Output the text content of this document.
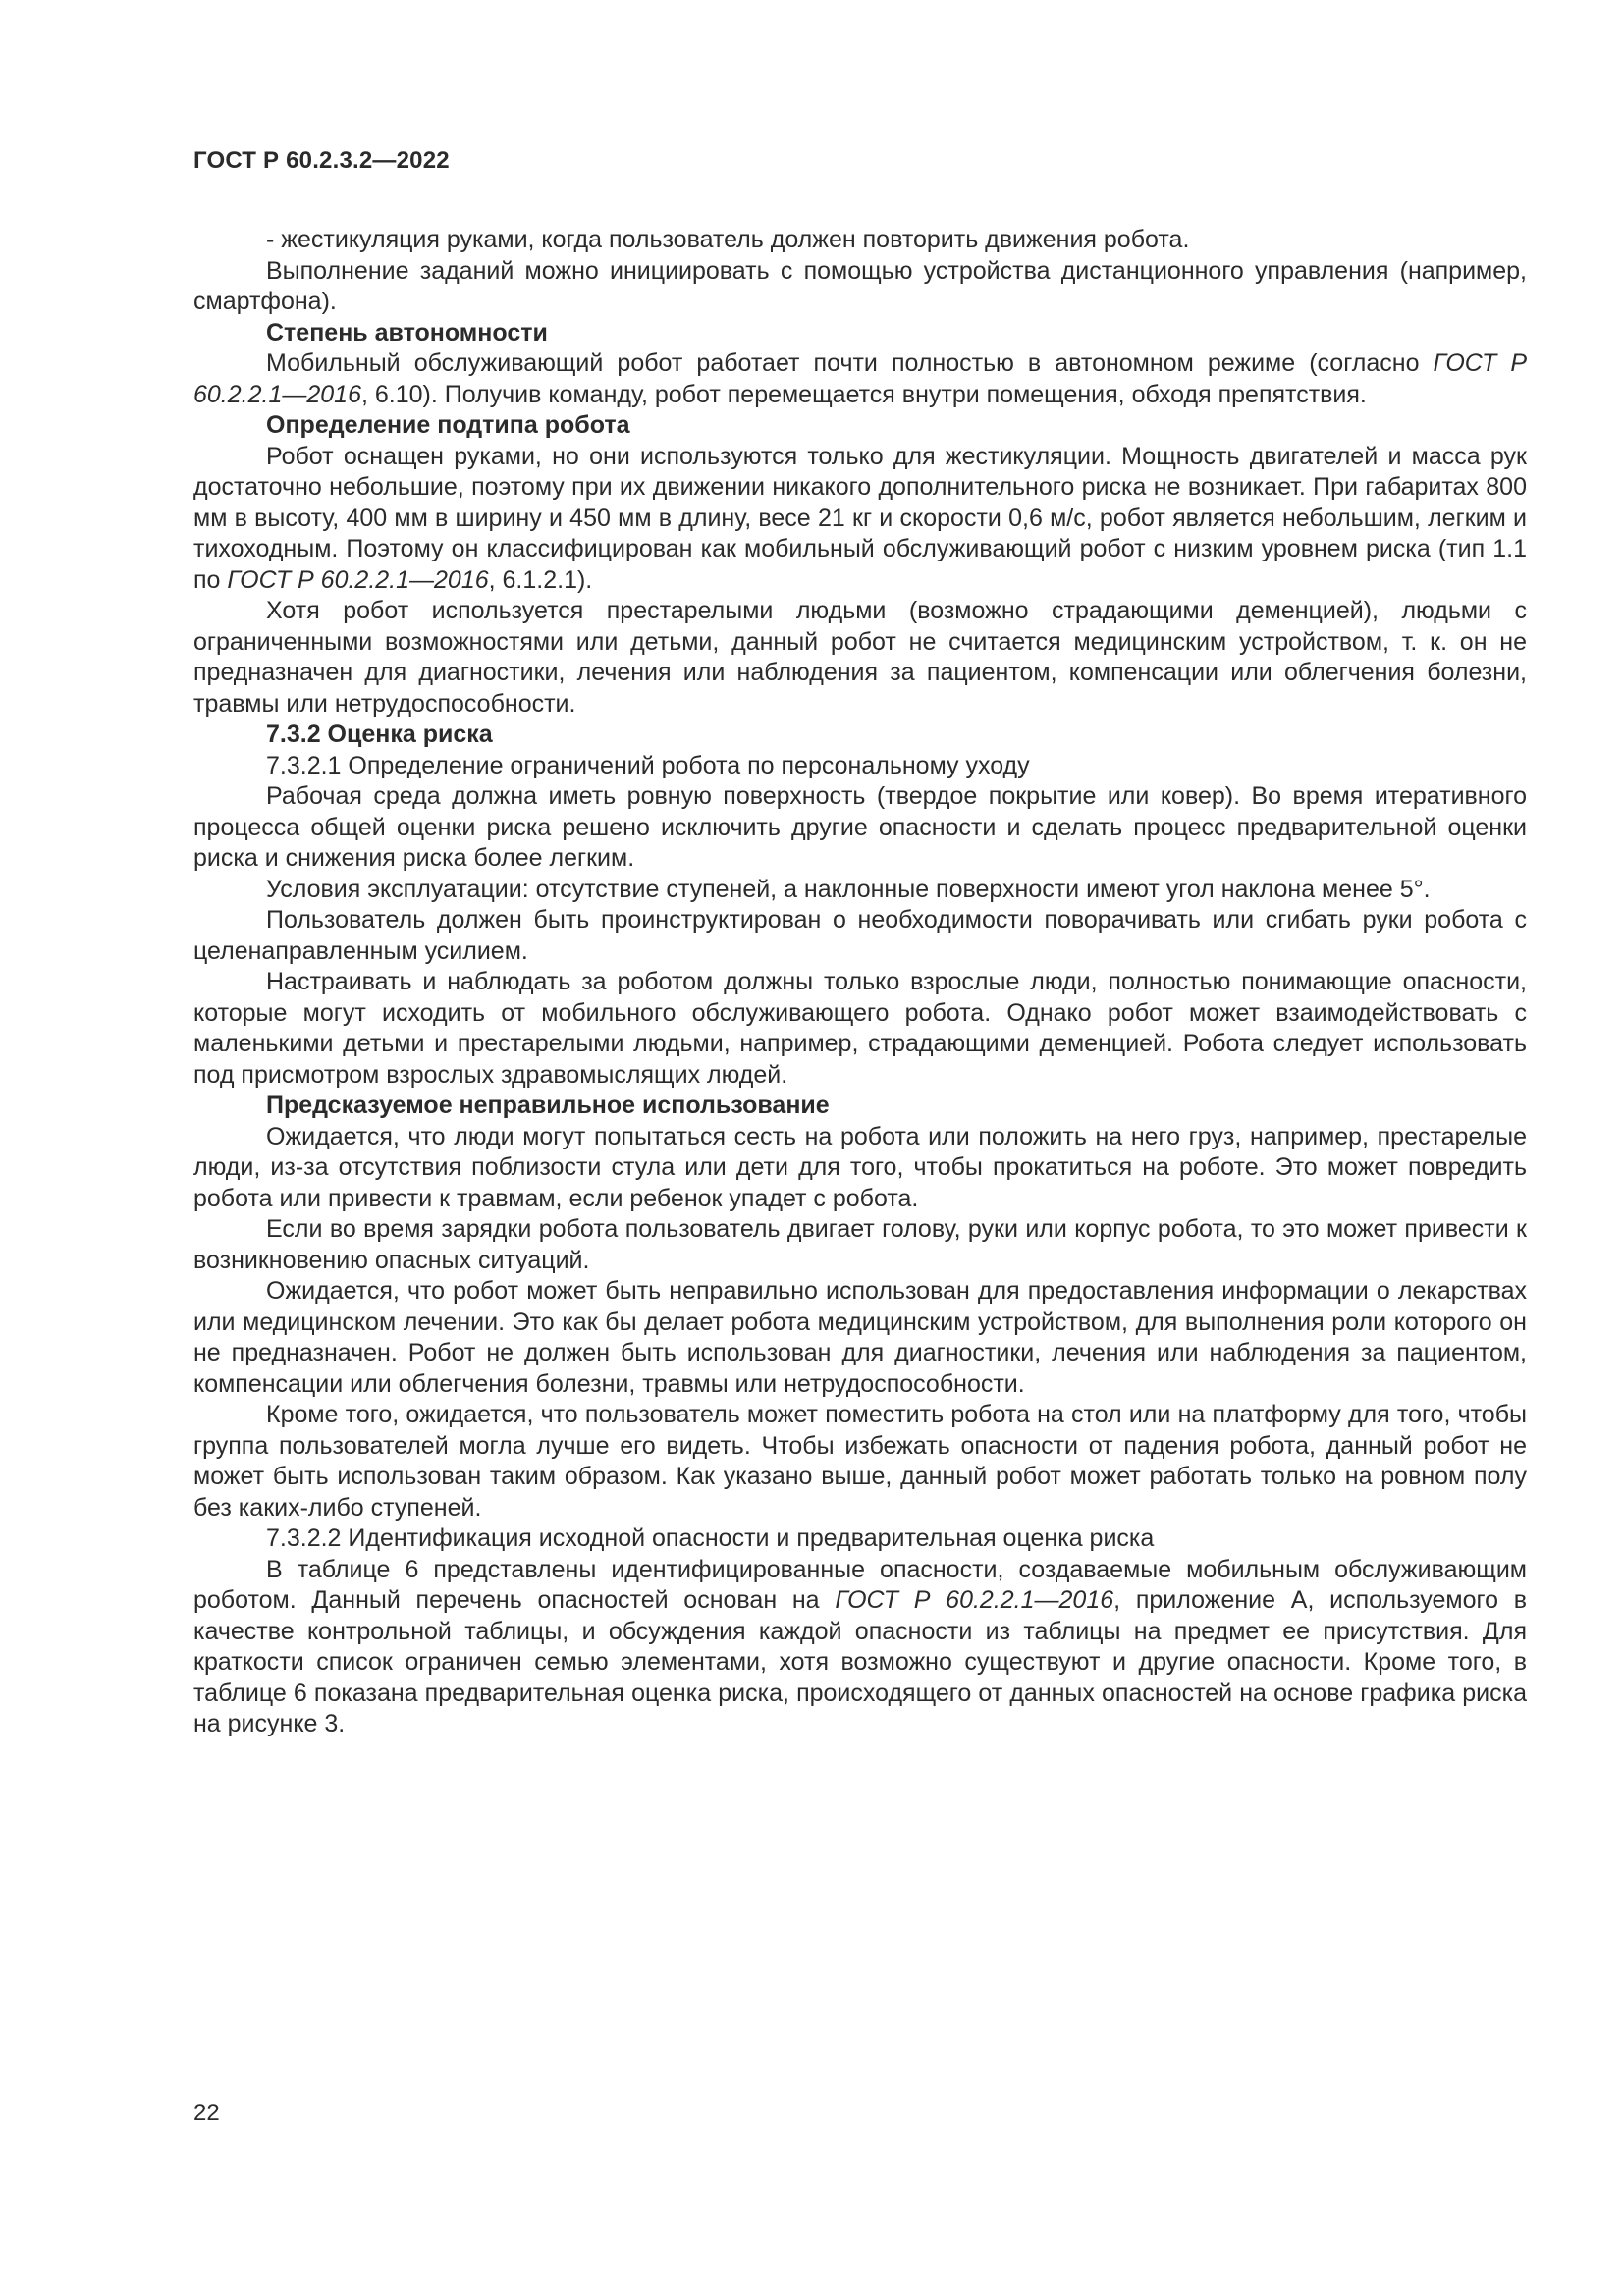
ГОСТ Р 60.2.3.2—2022

- жестикуляция руками, когда пользователь должен повторить движения робота.

Выполнение заданий можно инициировать с помощью устройства дистанционного управления (например, смартфона).

Степень автономности

Мобильный обслуживающий робот работает почти полностью в автономном режиме (согласно ГОСТ Р 60.2.2.1—2016, 6.10). Получив команду, робот перемещается внутри помещения, обходя препятствия.

Определение подтипа робота

Робот оснащен руками, но они используются только для жестикуляции. Мощность двигателей и масса рук достаточно небольшие, поэтому при их движении никакого дополнительного риска не возникает. При габаритах 800 мм в высоту, 400 мм в ширину и 450 мм в длину, весе 21 кг и скорости 0,6 м/с, робот является небольшим, легким и тихоходным. Поэтому он классифицирован как мобильный обслуживающий робот с низким уровнем риска (тип 1.1 по ГОСТ Р 60.2.2.1—2016, 6.1.2.1).

Хотя робот используется престарелыми людьми (возможно страдающими деменцией), людьми с ограниченными возможностями или детьми, данный робот не считается медицинским устройством, т. к. он не предназначен для диагностики, лечения или наблюдения за пациентом, компенсации или облегчения болезни, травмы или нетрудоспособности.

7.3.2 Оценка риска

7.3.2.1 Определение ограничений робота по персональному уходу

Рабочая среда должна иметь ровную поверхность (твердое покрытие или ковер). Во время итеративного процесса общей оценки риска решено исключить другие опасности и сделать процесс предварительной оценки риска и снижения риска более легким.

Условия эксплуатации: отсутствие ступеней, а наклонные поверхности имеют угол наклона менее 5°.

Пользователь должен быть проинструктирован о необходимости поворачивать или сгибать руки робота с целенаправленным усилием.

Настраивать и наблюдать за роботом должны только взрослые люди, полностью понимающие опасности, которые могут исходить от мобильного обслуживающего робота. Однако робот может взаимодействовать с маленькими детьми и престарелыми людьми, например, страдающими деменцией. Робота следует использовать под присмотром взрослых здравомыслящих людей.

Предсказуемое неправильное использование

Ожидается, что люди могут попытаться сесть на робота или положить на него груз, например, престарелые люди, из-за отсутствия поблизости стула или дети для того, чтобы прокатиться на роботе. Это может повредить робота или привести к травмам, если ребенок упадет с робота.

Если во время зарядки робота пользователь двигает голову, руки или корпус робота, то это может привести к возникновению опасных ситуаций.

Ожидается, что робот может быть неправильно использован для предоставления информации о лекарствах или медицинском лечении. Это как бы делает робота медицинским устройством, для выполнения роли которого он не предназначен. Робот не должен быть использован для диагностики, лечения или наблюдения за пациентом, компенсации или облегчения болезни, травмы или нетрудоспособности.

Кроме того, ожидается, что пользователь может поместить робота на стол или на платформу для того, чтобы группа пользователей могла лучше его видеть. Чтобы избежать опасности от падения робота, данный робот не может быть использован таким образом. Как указано выше, данный робот может работать только на ровном полу без каких-либо ступеней.

7.3.2.2 Идентификация исходной опасности и предварительная оценка риска

В таблице 6 представлены идентифицированные опасности, создаваемые мобильным обслуживающим роботом. Данный перечень опасностей основан на ГОСТ Р 60.2.2.1—2016, приложение А, используемого в качестве контрольной таблицы, и обсуждения каждой опасности из таблицы на предмет ее присутствия. Для краткости список ограничен семью элементами, хотя возможно существуют и другие опасности. Кроме того, в таблице 6 показана предварительная оценка риска, происходящего от данных опасностей на основе графика риска на рисунке 3.

22
